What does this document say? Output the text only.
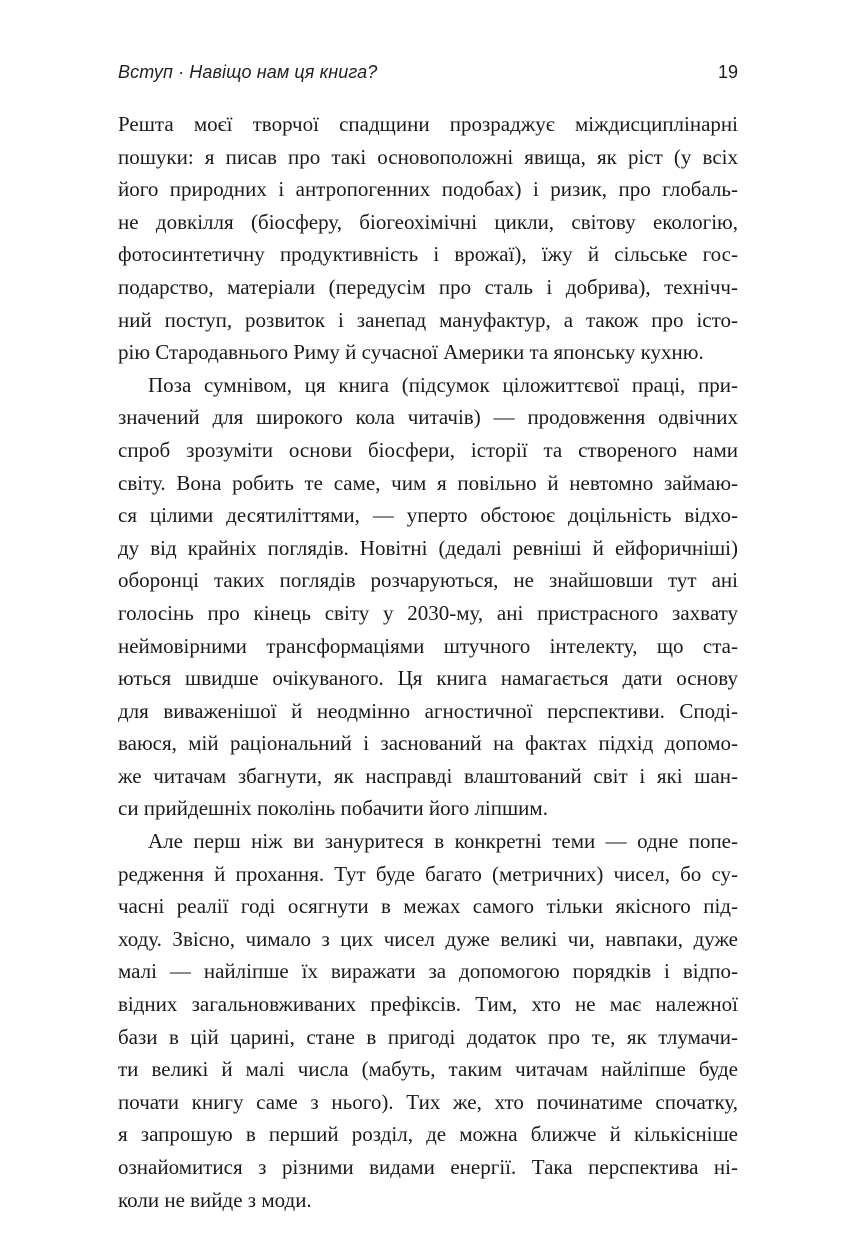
Вступ · Навіщо нам ця книга?	19

Решта моєї творчої спадщини прозраджує міждисциплінарні
пошуки: я писав про такі основоположні явища, як ріст (у всіх
його природних і антропогенних подобах) і ризик, про глобаль-
не довкілля (біосферу, біогеохімічні цикли, світову екологію,
фотосинтетичну продуктивність і врожаї), їжу й сільське гос-
подарство, матеріали (передусім про сталь і добрива), технічч-
ний поступ, розвиток і занепад мануфактур, а також про істо-
рію Стародавнього Риму й сучасної Америки та японську кухню.

Поза сумнівом, ця книга (підсумок ціложиттєвої праці, при-
значений для широкого кола читачів) — продовження одвічних
спроб зрозуміти основи біосфери, історії та створеного нами
світу. Вона робить те саме, чим я повільно й невтомно займаю-
ся цілими десятиліттями, — уперто обстоює доцільність відхо-
ду від крайніх поглядів. Новітні (дедалі ревніші й ейфоричніші)
оборонці таких поглядів розчаруються, не знайшовши тут ані
голосінь про кінець світу у 2030-му, ані пристрасного захвату
неймовірними трансформаціями штучного інтелекту, що ста-
ються швидше очікуваного. Ця книга намагається дати основу
для виваженішої й неодмінно агностичної перспективи. Споді-
ваюся, мій раціональний і заснований на фактах підхід допомо-
же читачам збагнути, як насправді влаштований світ і які шан-
си прийдешніх поколінь побачити його ліпшим.

Але перш ніж ви зануритеся в конкретні теми — одне попе-
редження й прохання. Тут буде багато (метричних) чисел, бо су-
часні реалії годі осягнути в межах самого тільки якісного під-
ходу. Звісно, чимало з цих чисел дуже великі чи, навпаки, дуже
малі — найліпше їх виражати за допомогою порядків і відпо-
відних загальновживаних префіксів. Тим, хто не має належної
бази в цій царині, стане в пригоді додаток про те, як тлумачи-
ти великі й малі числа (мабуть, таким читачам найліпше буде
почати книгу саме з нього). Тих же, хто починатиме спочатку,
я запрошую в перший розділ, де можна ближче й кількісніше
ознайомитися з різними видами енергії. Така перспектива ні-
коли не вийде з моди.
